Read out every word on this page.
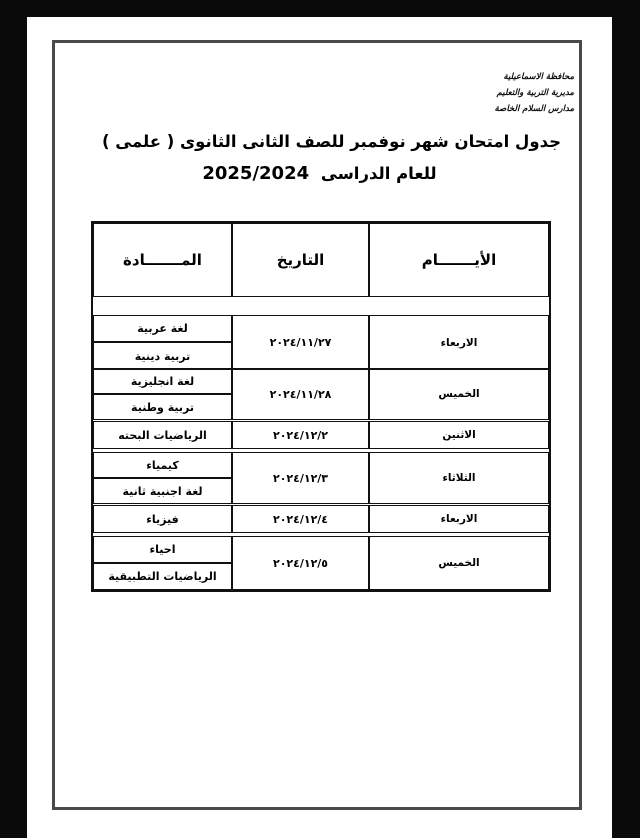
محافظة الاسماعيلية
مديرية التربية والتعليم
مدارس السلام الخاصة
جدول امتحان شهر نوفمبر للصف الثانى الثانوى ( علمى )
للعام الدراسى 2025/2024
الأيـــــــام
التاريخ
المـــــــادة
الاربعاء
٢٠٢٤/١١/٢٧
لغة عربية
تربية دينية
الخميس
٢٠٢٤/١١/٢٨
لغة انجليزية
تربية وطنية
الاثنين
٢٠٢٤/١٢/٢
الرياضيات البحته
الثلاثاء
٢٠٢٤/١٢/٣
كيمياء
لغة اجنبية ثانية
الاربعاء
٢٠٢٤/١٢/٤
فيزياء
الخميس
٢٠٢٤/١٢/٥
احياء
الرياضيات التطبيقية
